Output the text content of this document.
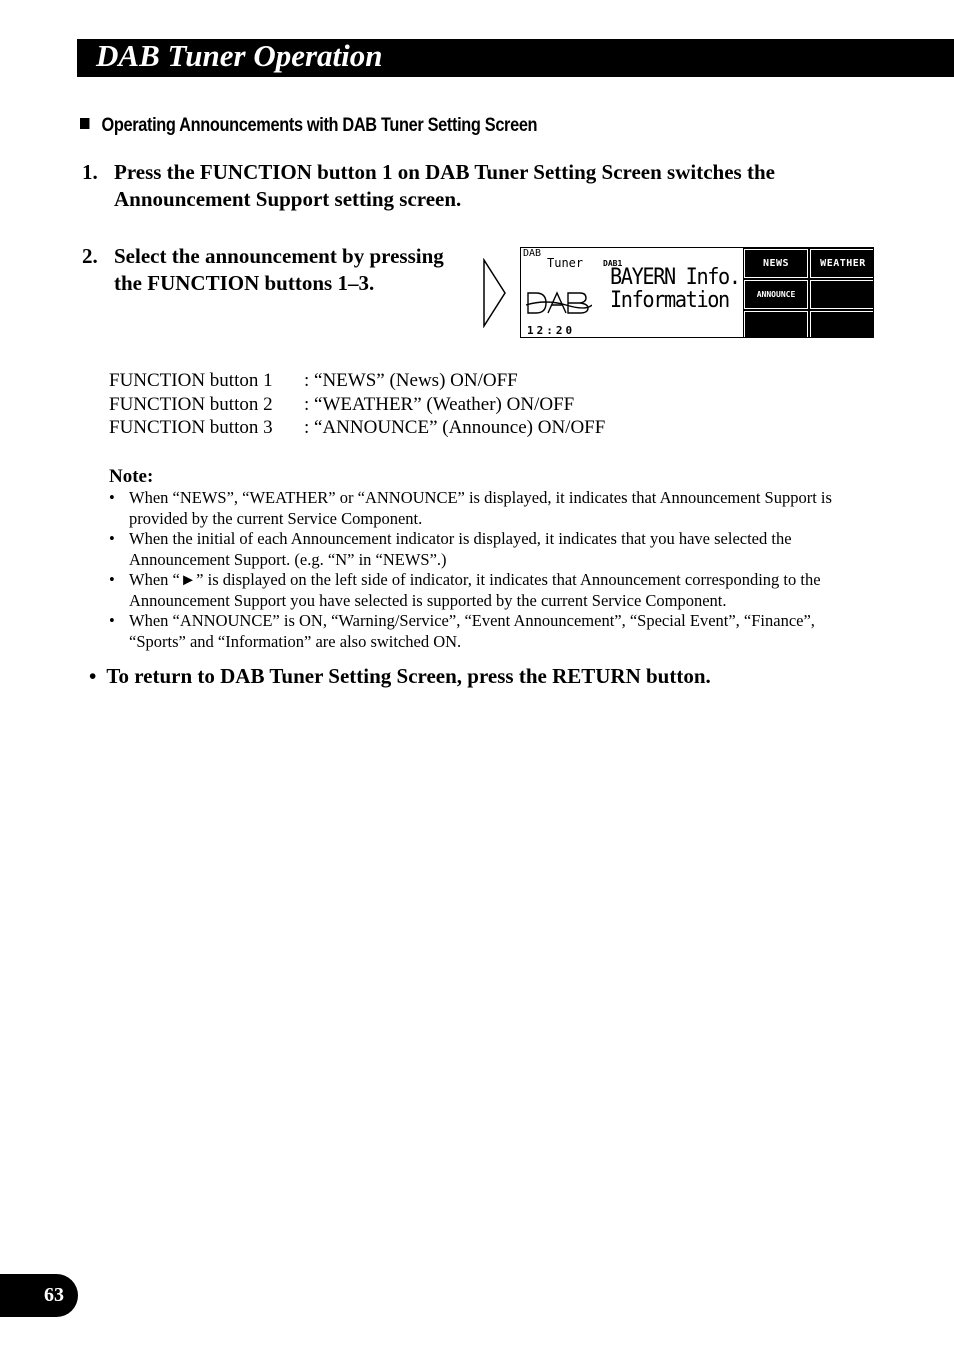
DAB Tuner Operation
Operating Announcements with DAB Tuner Setting Screen
1. Press the FUNCTION button 1 on DAB Tuner Setting Screen switches the Announcement Support setting screen.
2. Select the announcement by pressing the FUNCTION buttons 1–3.
DAB
Tuner DAB1
BAYERN Info.
Information
12:20
NEWS	WEATHER
ANNOUNCE
FUNCTION button 1 : “NEWS” (News) ON/OFF
FUNCTION button 2 : “WEATHER” (Weather) ON/OFF
FUNCTION button 3 : “ANNOUNCE” (Announce) ON/OFF
Note:
• When “NEWS”, “WEATHER” or “ANNOUNCE” is displayed, it indicates that Announcement Support is provided by the current Service Component.
• When the initial of each Announcement indicator is displayed, it indicates that you have selected the Announcement Support. (e.g. “N” in “NEWS”.)
• When “►” is displayed on the left side of indicator, it indicates that Announcement corresponding to the Announcement Support you have selected is supported by the current Service Component.
• When “ANNOUNCE” is ON, “Warning/Service”, “Event Announcement”, “Special Event”, “Finance”, “Sports” and “Information” are also switched ON.
• To return to DAB Tuner Setting Screen, press the RETURN button.
63
